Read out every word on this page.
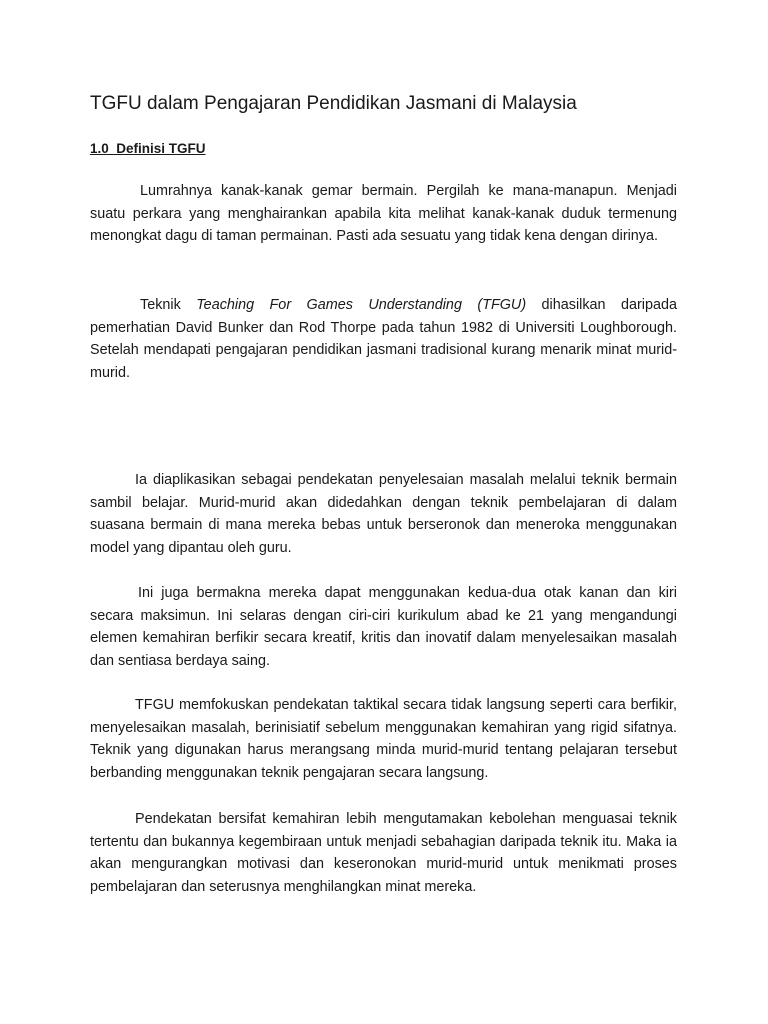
TGFU dalam Pengajaran Pendidikan Jasmani di Malaysia
1.0  Definisi TGFU

Lumrahnya kanak-kanak gemar bermain. Pergilah ke mana-manapun. Menjadi suatu perkara yang menghairankan apabila kita melihat kanak-kanak duduk termenung menongkat dagu di taman permainan. Pasti ada sesuatu yang tidak kena dengan dirinya.

Teknik Teaching For Games Understanding (TFGU) dihasilkan daripada pemerhatian David Bunker dan Rod Thorpe pada tahun 1982 di Universiti Loughborough. Setelah mendapati pengajaran pendidikan jasmani tradisional kurang menarik minat murid-murid.

Ia diaplikasikan sebagai pendekatan penyelesaian masalah melalui teknik bermain sambil belajar. Murid-murid akan didedahkan dengan teknik pembelajaran di dalam suasana bermain di mana mereka bebas untuk berseronok dan meneroka menggunakan model yang dipantau oleh guru.

Ini juga bermakna mereka dapat menggunakan kedua-dua otak kanan dan kiri secara maksimun. Ini selaras dengan ciri-ciri kurikulum abad ke 21 yang mengandungi elemen kemahiran berfikir secara kreatif, kritis dan inovatif dalam menyelesaikan masalah dan sentiasa berdaya saing.

TFGU memfokuskan pendekatan taktikal secara tidak langsung seperti cara berfikir, menyelesaikan masalah, berinisiatif sebelum menggunakan kemahiran yang rigid sifatnya. Teknik yang digunakan harus merangsang minda murid-murid tentang pelajaran tersebut berbanding menggunakan teknik pengajaran secara langsung.

Pendekatan bersifat kemahiran lebih mengutamakan kebolehan menguasai teknik tertentu dan bukannya kegembiraan untuk menjadi sebahagian daripada teknik itu. Maka ia akan mengurangkan motivasi dan keseronokan murid-murid untuk menikmati proses pembelajaran dan seterusnya menghilangkan minat mereka.
